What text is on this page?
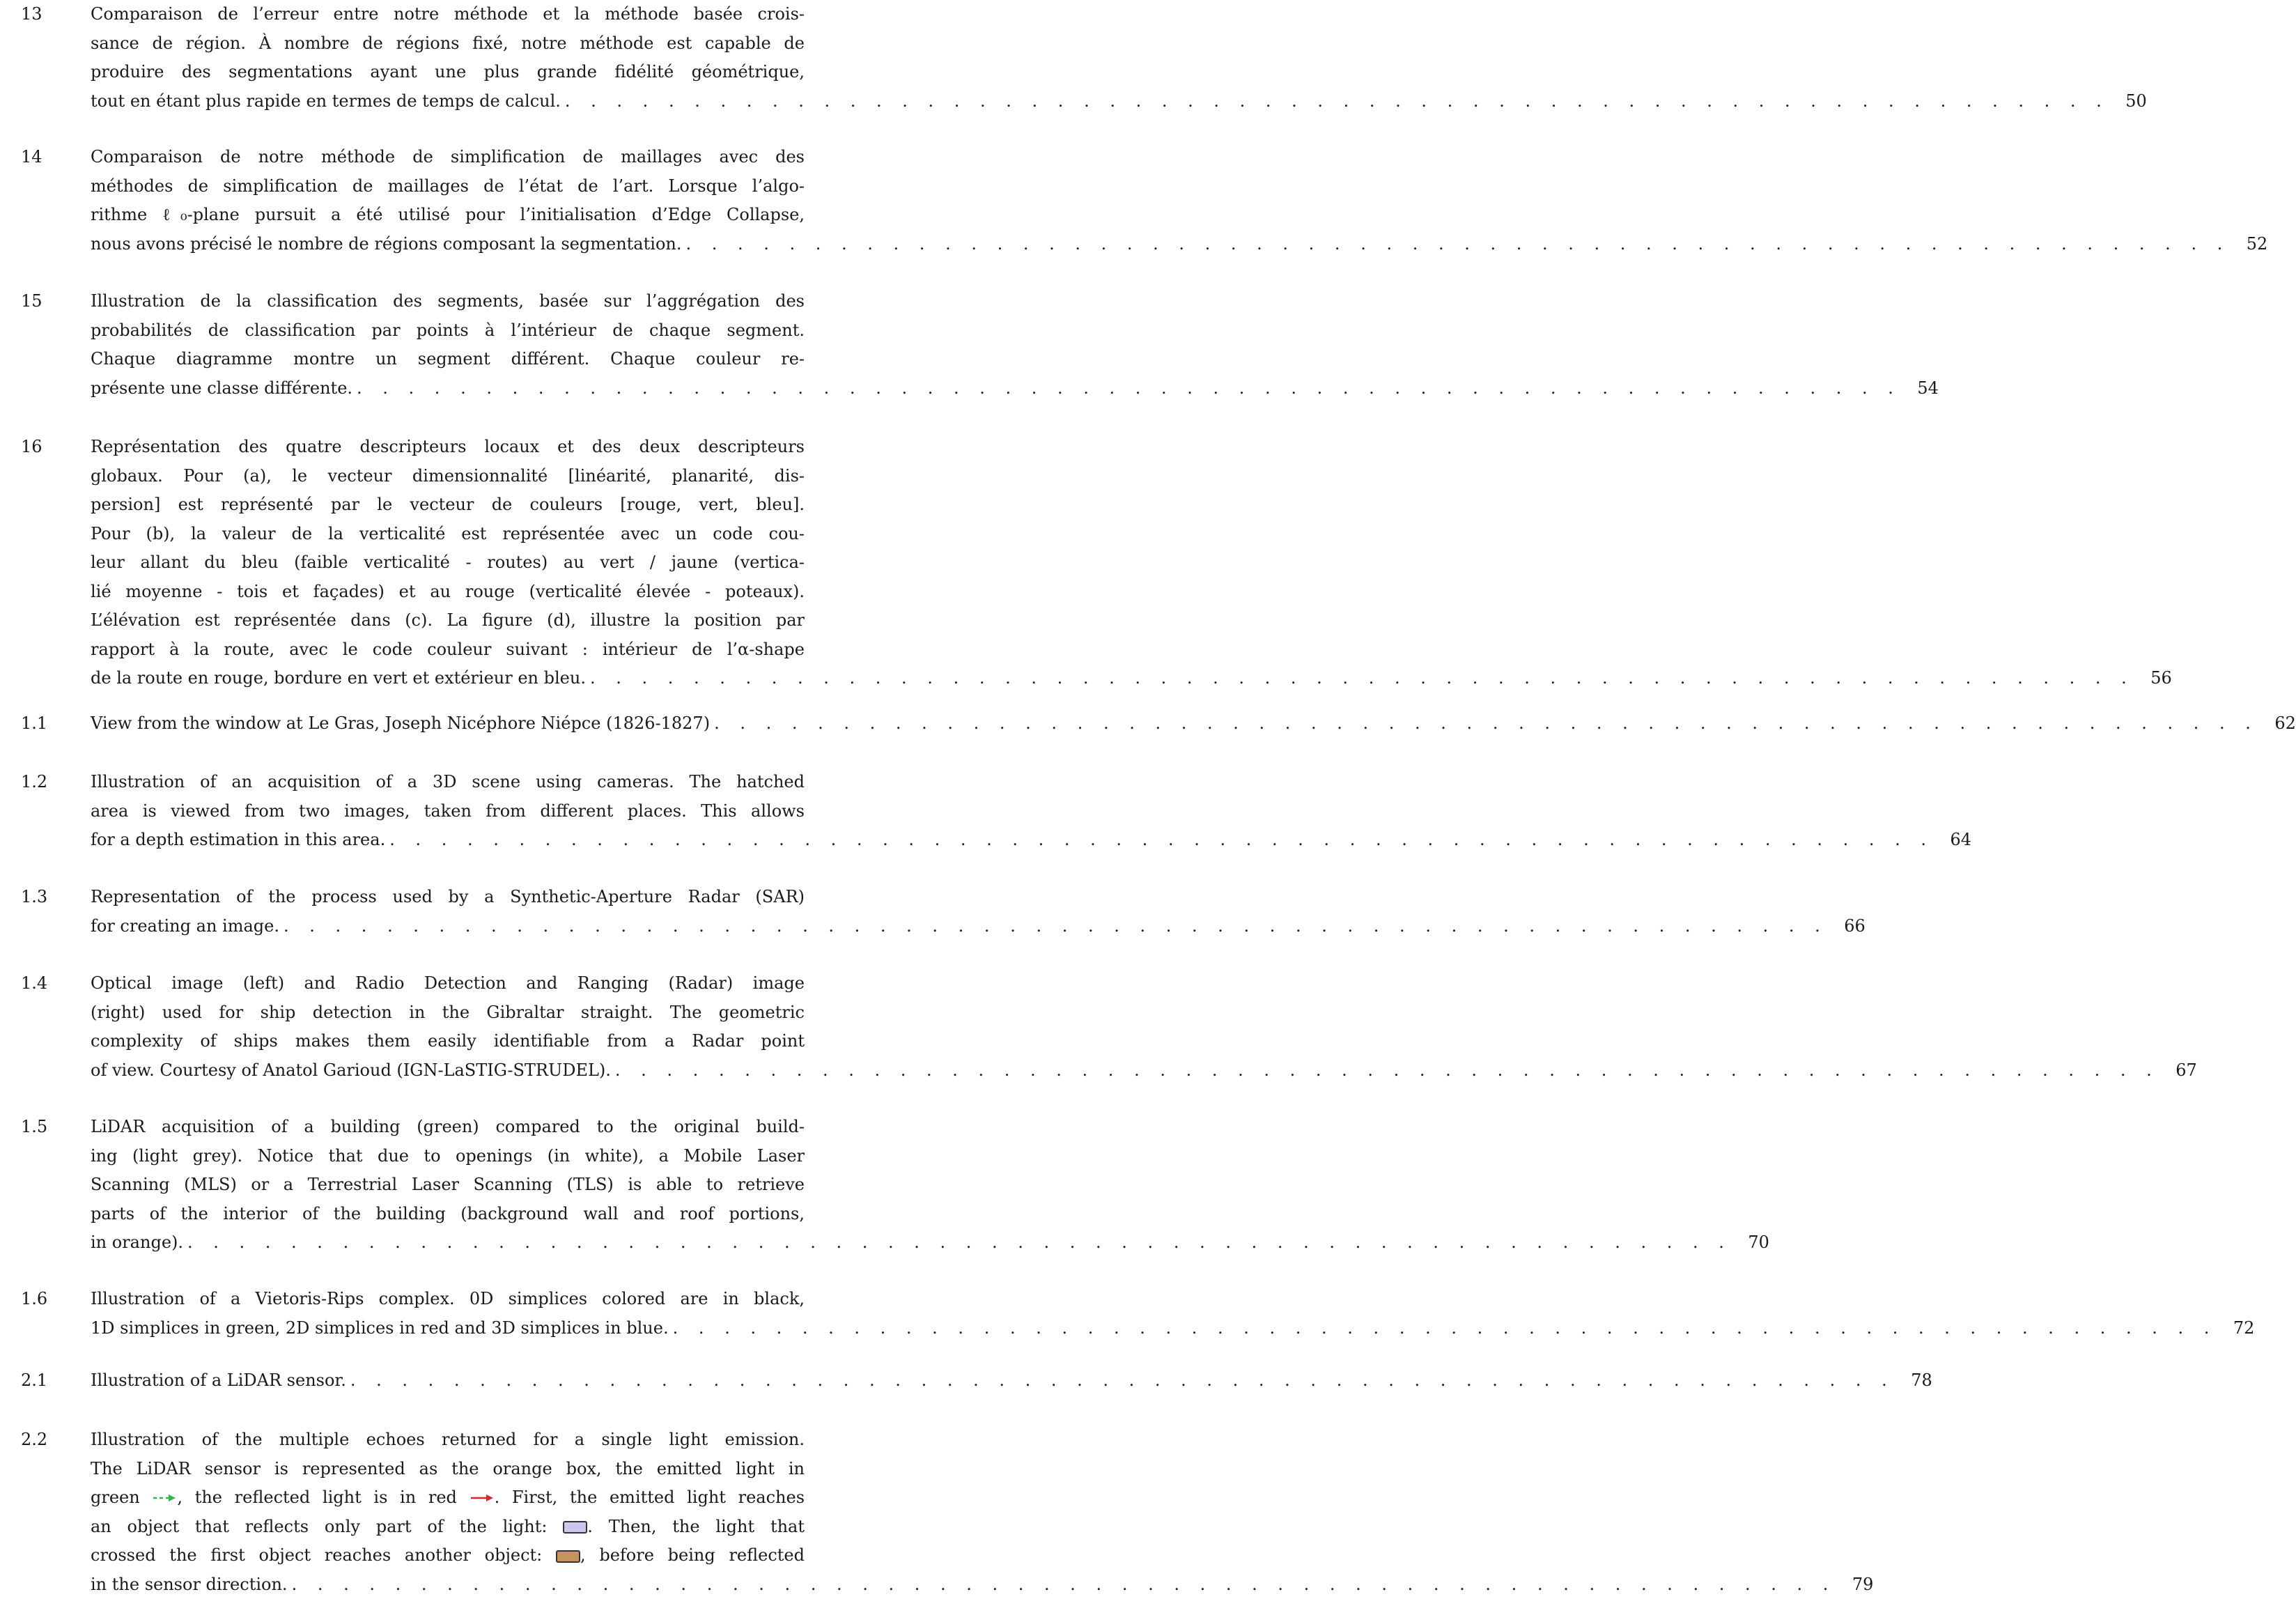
13	Comparaison de l’erreur entre notre méthode et la méthode basée crois-
sance de région. À nombre de régions fixé, notre méthode est capable de
produire des segmentations ayant une plus grande fidélité géométrique,
tout en étant plus rapide en termes de temps de calcul. . . . . . . . . . . . . . . . . . . . . . . . . . . . . . . . . . . . . . . . . . . . . . . . . . . . . . . . . . . . . 50
14	Comparaison de notre méthode de simplification de maillages avec des
méthodes de simplification de maillages de l’état de l’art. Lorsque l’algo-
rithme ℓ₀-plane pursuit a été utilisé pour l’initialisation d’Edge Collapse,
nous avons précisé le nombre de régions composant la segmentation. . . . . . . . . . . . . . . . . . . . . . . . . . . . . . . . . . . . . . . . . . . . . . . . . . . . . . . . . . . . . 52
15	Illustration de la classification des segments, basée sur l’aggrégation des
probabilités de classification par points à l’intérieur de chaque segment.
Chaque diagramme montre un segment différent. Chaque couleur re-
présente une classe différente. . . . . . . . . . . . . . . . . . . . . . . . . . . . . . . . . . . . . . . . . . . . . . . . . . . . . . . . . . . . . 54
16	Représentation des quatre descripteurs locaux et des deux descripteurs
globaux. Pour (a), le vecteur dimensionnalité [linéarité, planarité, dis-
persion] est représenté par le vecteur de couleurs [rouge, vert, bleu].
Pour (b), la valeur de la verticalité est représentée avec un code cou-
leur allant du bleu (faible verticalité - routes) au vert / jaune (vertica-
lié moyenne - tois et façades) et au rouge (verticalité élevée - poteaux).
L’élévation est représentée dans (c). La figure (d), illustre la position par
rapport à la route, avec le code couleur suivant : intérieur de l’α-shape
de la route en rouge, bordure en vert et extérieur en bleu. . . . . . . . . . . . . . . . . . . . . . . . . . . . . . . . . . . . . . . . . . . . . . . . . . . . . . . . . . . . . 56
1.1	View from the window at Le Gras, Joseph Nicéphore Niépce (1826-1827) . . . . . . . . . . . . . . . . . . . . . . . . . . . . . . . . . . . . . . . . . . . . . . . . . . . . . . . . . . . . 62
1.2	Illustration of an acquisition of a 3D scene using cameras. The hatched
area is viewed from two images, taken from different places. This allows
for a depth estimation in this area. . . . . . . . . . . . . . . . . . . . . . . . . . . . . . . . . . . . . . . . . . . . . . . . . . . . . . . . . . . . . 64
1.3	Representation of the process used by a Synthetic-Aperture Radar (SAR)
for creating an image. . . . . . . . . . . . . . . . . . . . . . . . . . . . . . . . . . . . . . . . . . . . . . . . . . . . . . . . . . . . . 66
1.4	Optical image (left) and Radio Detection and Ranging (Radar) image
(right) used for ship detection in the Gibraltar straight. The geometric
complexity of ships makes them easily identifiable from a Radar point
of view. Courtesy of Anatol Garioud (IGN-LaSTIG-STRUDEL). . . . . . . . . . . . . . . . . . . . . . . . . . . . . . . . . . . . . . . . . . . . . . . . . . . . . . . . . . . . . 67
1.5	LiDAR acquisition of a building (green) compared to the original build-
ing (light grey). Notice that due to openings (in white), a Mobile Laser
Scanning (MLS) or a Terrestrial Laser Scanning (TLS) is able to retrieve
parts of the interior of the building (background wall and roof portions,
in orange). . . . . . . . . . . . . . . . . . . . . . . . . . . . . . . . . . . . . . . . . . . . . . . . . . . . . . . . . . . . . 70
1.6	Illustration of a Vietoris-Rips complex. 0D simplices colored are in black,
1D simplices in green, 2D simplices in red and 3D simplices in blue. . . . . . . . . . . . . . . . . . . . . . . . . . . . . . . . . . . . . . . . . . . . . . . . . . . . . . . . . . . . . 72
2.1	Illustration of a LiDAR sensor. . . . . . . . . . . . . . . . . . . . . . . . . . . . . . . . . . . . . . . . . . . . . . . . . . . . . . . . . . . . . 78
2.2	Illustration of the multiple echoes returned for a single light emission.
The LiDAR sensor is represented as the orange box, the emitted light in
green , the reflected light is in red . First, the emitted light reaches
an object that reflects only part of the light: . Then, the light that
crossed the first object reaches another object: , before being reflected
in the sensor direction. . . . . . . . . . . . . . . . . . . . . . . . . . . . . . . . . . . . . . . . . . . . . . . . . . . . . . . . . . . . . 79
